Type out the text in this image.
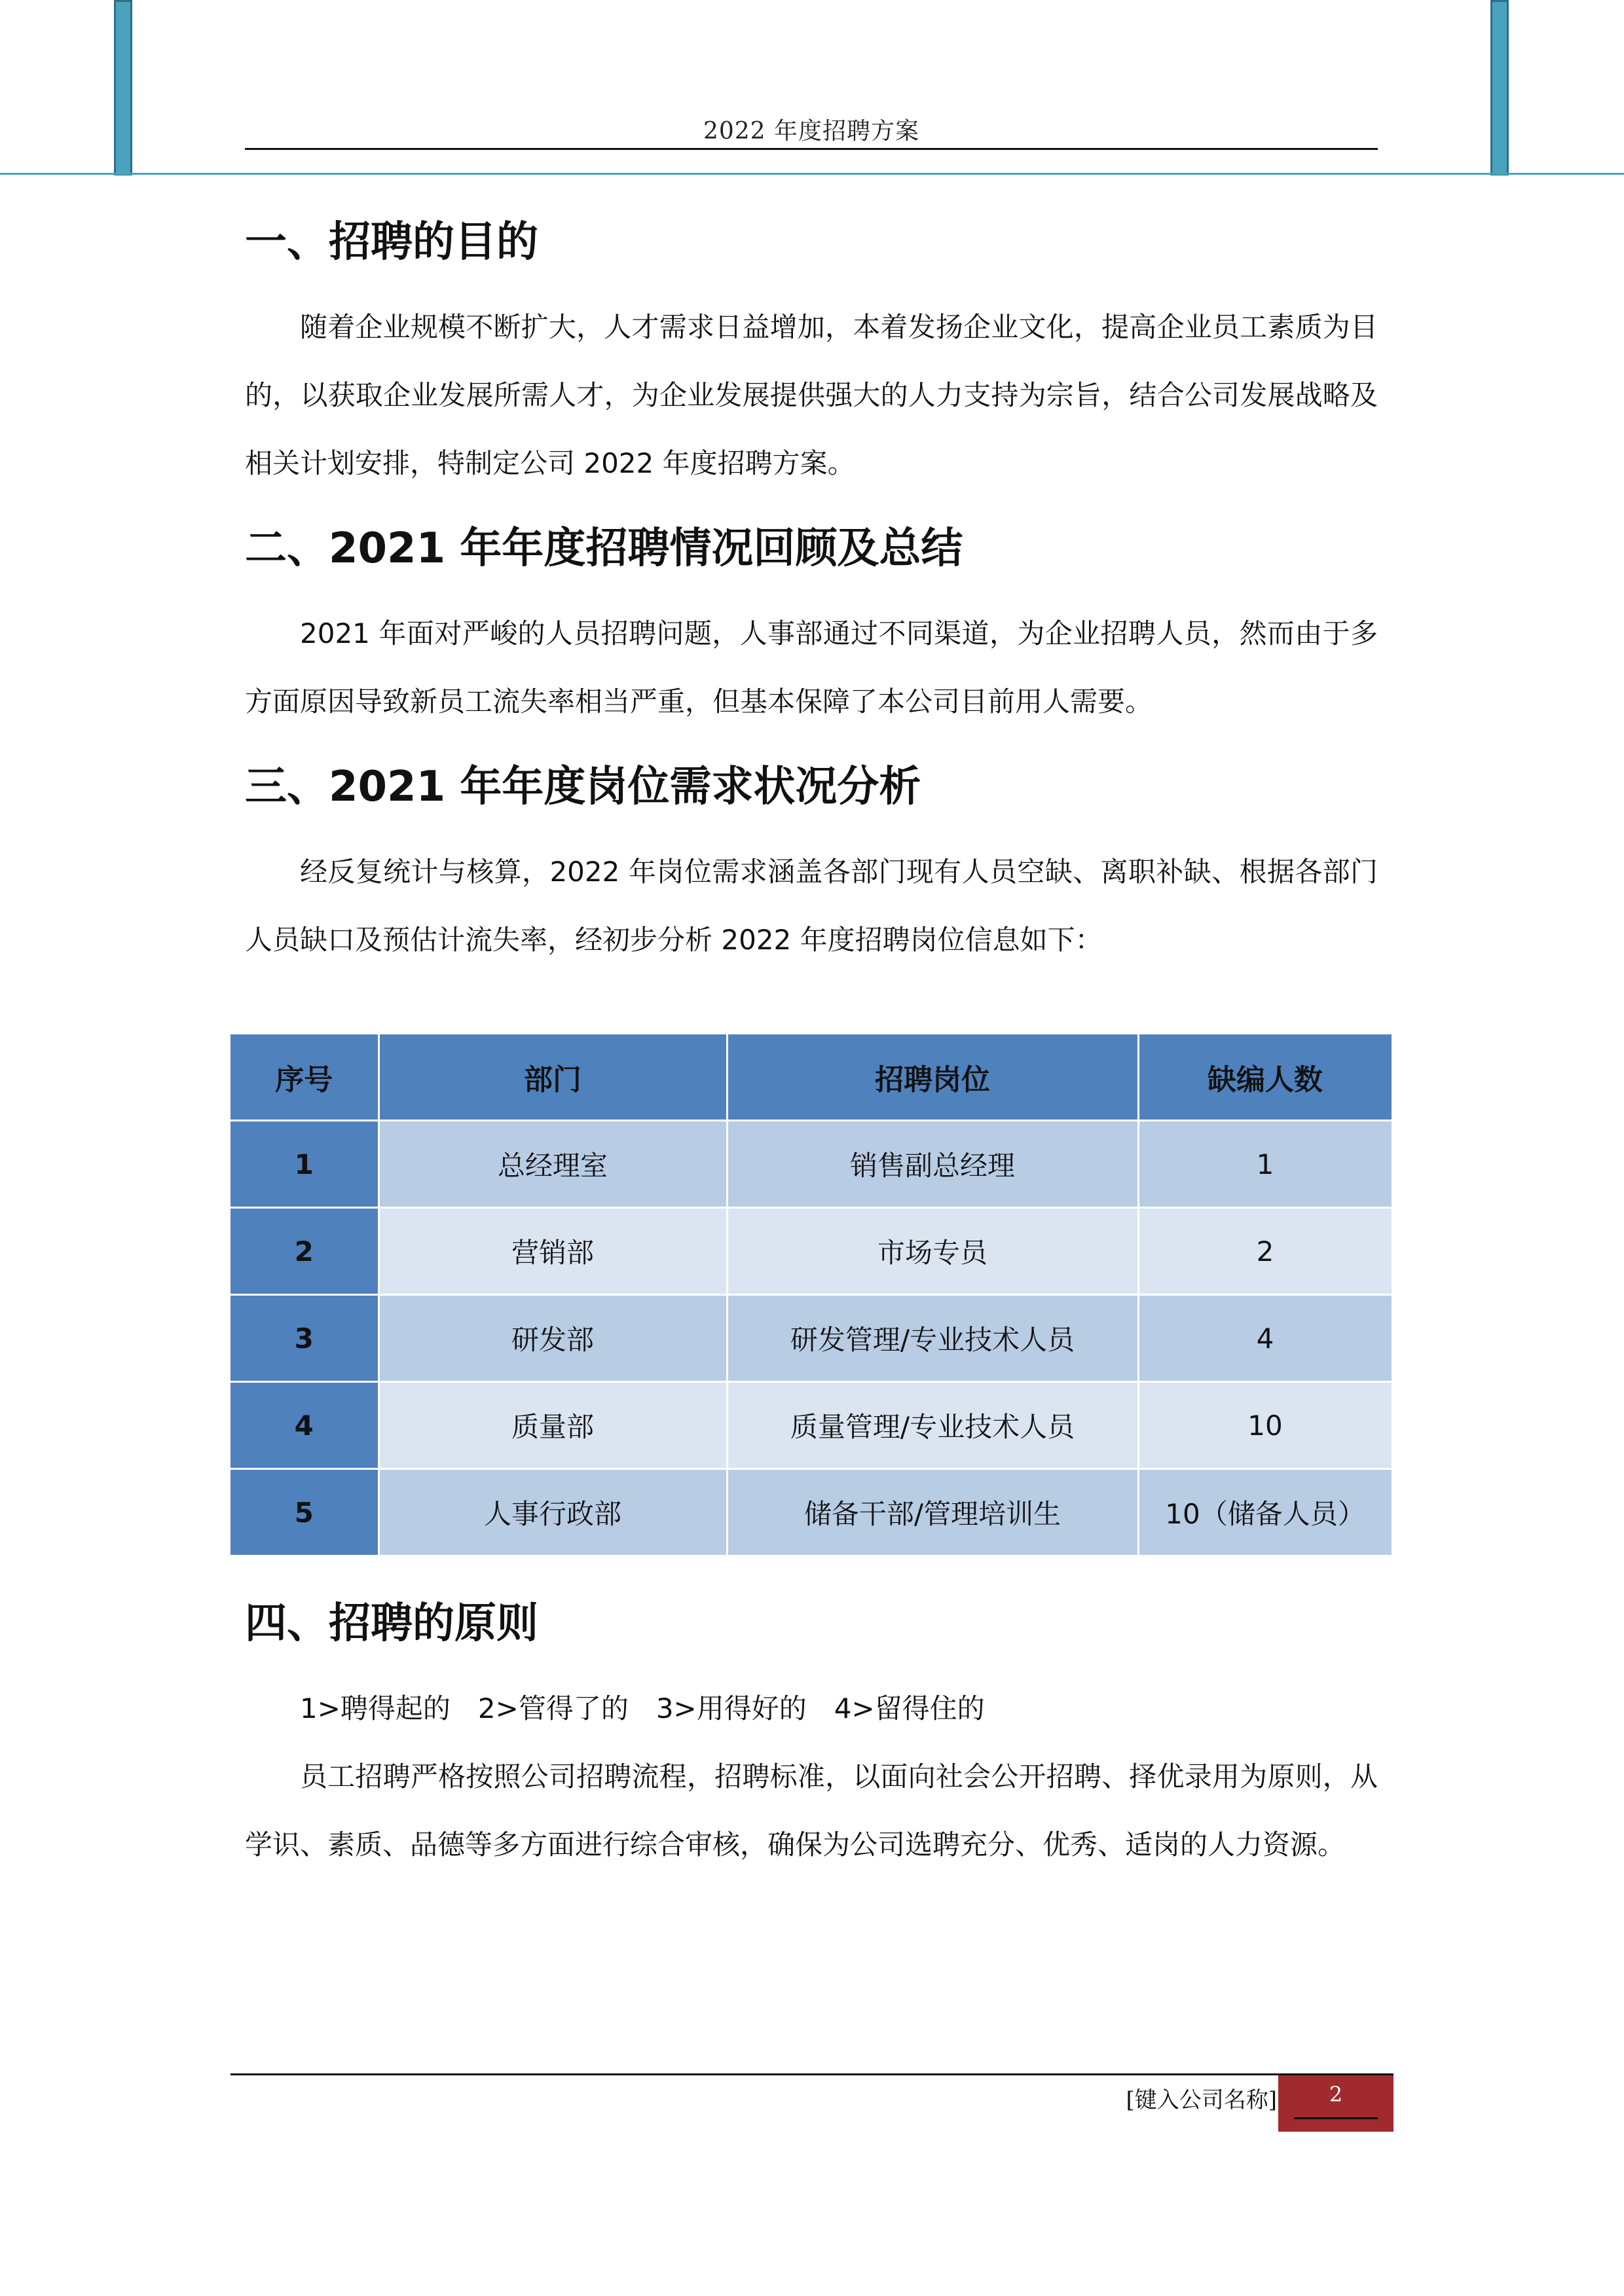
2022 年度招聘方案
一、招聘的目的

随着企业规模不断扩大，人才需求日益增加，本着发扬企业文化，提高企业员工素质为目的，以获取企业发展所需人才，为企业发展提供强大的人力支持为宗旨，结合公司发展战略及相关计划安排，特制定公司 2022 年度招聘方案。

二、2021 年年度招聘情况回顾及总结

2021 年面对严峻的人员招聘问题，人事部通过不同渠道，为企业招聘人员，然而由于多方面原因导致新员工流失率相当严重，但基本保障了本公司目前用人需要。

三、2021 年年度岗位需求状况分析

经反复统计与核算，2022 年岗位需求涵盖各部门现有人员空缺、离职补缺、根据各部门人员缺口及预估计流失率，经初步分析 2022 年度招聘岗位信息如下：

序号	部门	招聘岗位	缺编人数
1	总经理室	销售副总经理	1
2	营销部	市场专员	2
3	研发部	研发管理/专业技术人员	4
4	质量部	质量管理/专业技术人员	10
5	人事行政部	储备干部/管理培训生	10（储备人员）
四、招聘的原则

1>聘得起的　2>管得了的　3>用得好的　4>留得住的

员工招聘严格按照公司招聘流程，招聘标准，以面向社会公开招聘、择优录用为原则，从学识、素质、品德等多方面进行综合审核，确保为公司选聘充分、优秀、适岗的人力资源。

[键入公司名称]	2
